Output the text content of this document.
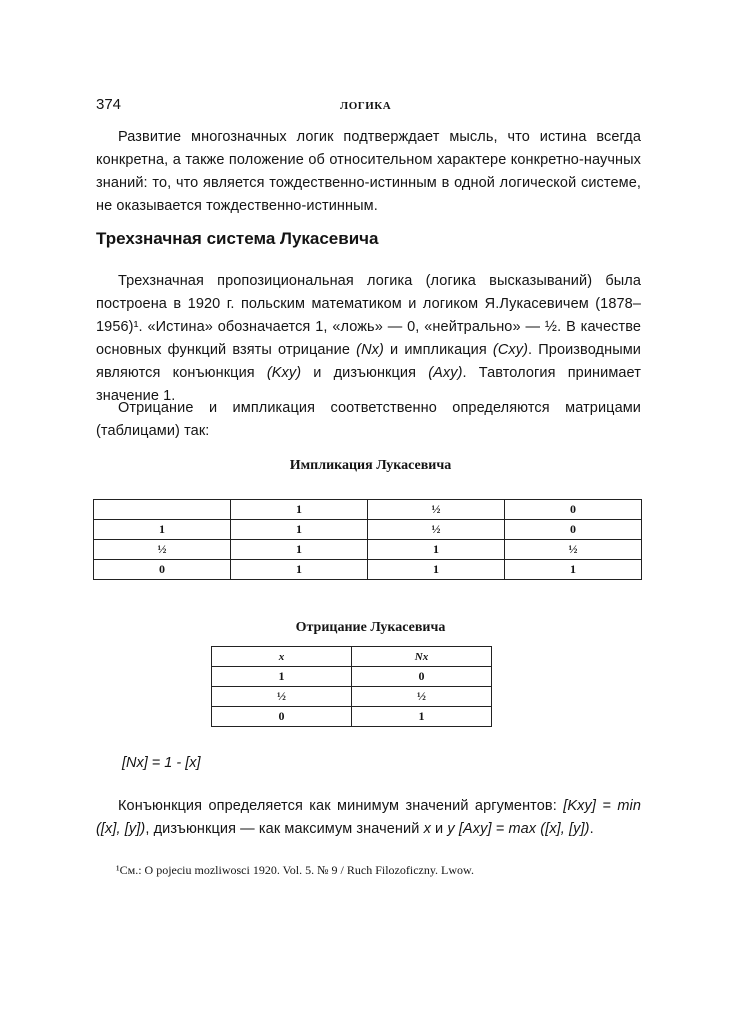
374	ЛОГИКА
Развитие многозначных логик подтверждает мысль, что истина всегда конкретна, а также положение об относительном характере конкретно-научных знаний: то, что является тождественно-истинным в одной логической системе, не оказывается тождественно-истинным.
Трехзначная система Лукасевича
Трехзначная пропозициональная логика (логика высказываний) была построена в 1920 г. польским математиком и логиком Я.Лукасевичем (1878–1956)¹. «Истина» обозначается 1, «ложь» — 0, «нейтрально» — ½. В качестве основных функций взяты отрицание (Nx) и импликация (Cxy). Производными являются конъюнкция (Kxy) и дизъюнкция (Axy). Тавтология принимает значение 1.
Отрицание и импликация соответственно определяются матрицами (таблицами) так:
Импликация Лукасевича
	1	½	0
1	1	½	0
½	1	1	½
0	1	1	1
Отрицание Лукасевича
x	Nx
1	0
½	½
0	1
[Nx] = 1 - [x]
Конъюнкция определяется как минимум значений аргументов: [Kxy] = min ([x], [y]), дизъюнкция — как максимум значений x и y [Axy] = max ([x], [y]).
¹См.: O pojeciu mozliwosci 1920. Vol. 5. № 9 / Ruch Filozoficzny. Lwow.
